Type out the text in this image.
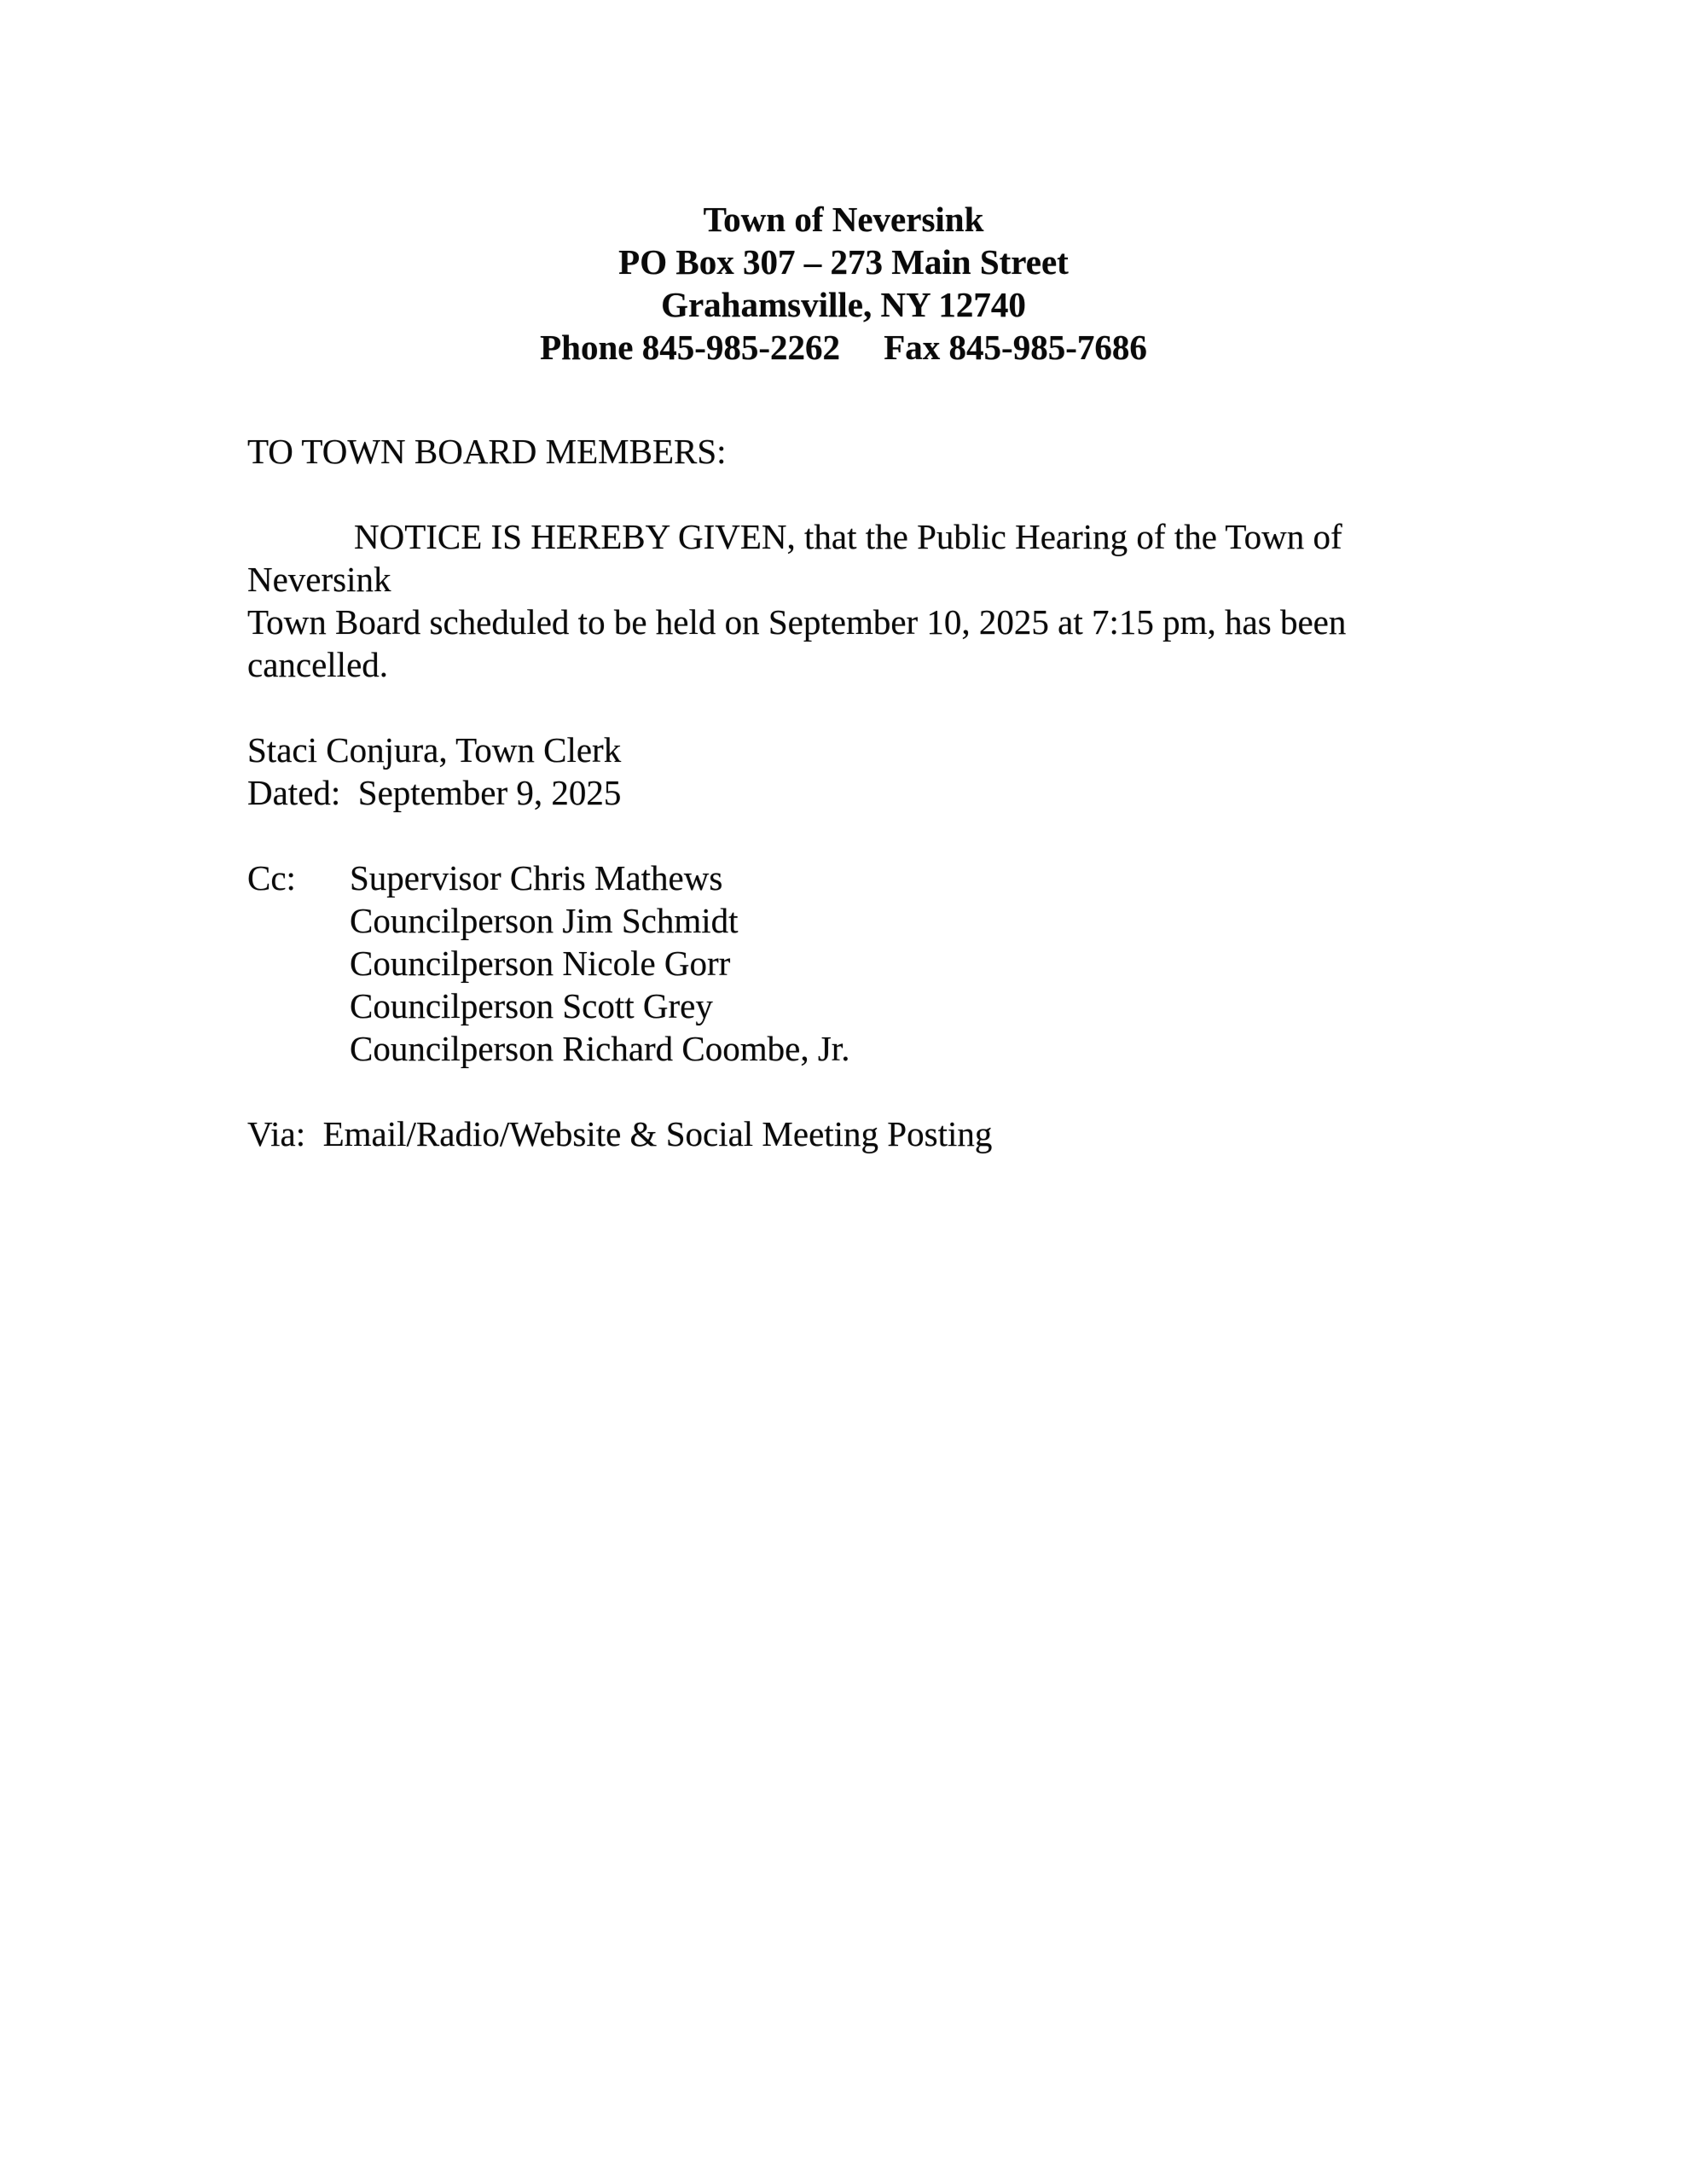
Town of Neversink
PO Box 307 – 273 Main Street
Grahamsville, NY 12740
Phone 845-985-2262     Fax 845-985-7686
TO TOWN BOARD MEMBERS:
NOTICE IS HEREBY GIVEN, that the Public Hearing of the Town of Neversink
Town Board scheduled to be held on September 10, 2025 at 7:15 pm, has been cancelled.
Staci Conjura, Town Clerk
Dated:  September 9, 2025
Cc:	Supervisor Chris Mathews
Councilperson Jim Schmidt
Councilperson Nicole Gorr
Councilperson Scott Grey
Councilperson Richard Coombe, Jr.
Via:  Email/Radio/Website & Social Meeting Posting
